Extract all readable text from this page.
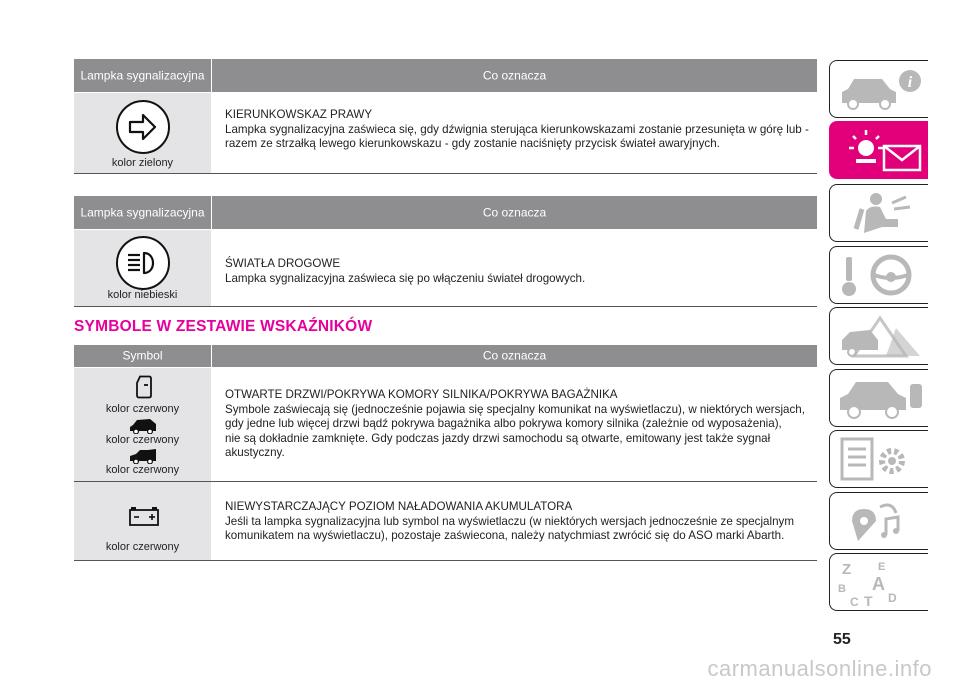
Lampka sygnalizacyjna	Co oznacza
kolor zielony
KIERUNKOWSKAZ PRAWY
Lampka sygnalizacyjna zaświeca się, gdy dźwignia sterująca kierunkowskazami zostanie przesunięta w górę lub - razem ze strzałką lewego kierunkowskazu - gdy zostanie naciśnięty przycisk świateł awaryjnych.
Lampka sygnalizacyjna	Co oznacza
kolor niebieski
ŚWIATŁA DROGOWE
Lampka sygnalizacyjna zaświeca się po włączeniu świateł drogowych.
SYMBOLE W ZESTAWIE WSKAŹNIKÓW
Symbol	Co oznacza
kolor czerwony
kolor czerwony
kolor czerwony
OTWARTE DRZWI/POKRYWA KOMORY SILNIKA/POKRYWA BAGAŻNIKA
Symbole zaświecają się (jednocześnie pojawia się specjalny komunikat na wyświetlaczu), w niektórych wersjach,
gdy jedne lub więcej drzwi bądź pokrywa bagażnika albo pokrywa komory silnika (zależnie od wyposażenia),
nie są dokładnie zamknięte. Gdy podczas jazdy drzwi samochodu są otwarte, emitowany jest także sygnał
akustyczny.
kolor czerwony
NIEWYSTARCZAJĄCY POZIOM NAŁADOWANIA AKUMULATORA
Jeśli ta lampka sygnalizacyjna lub symbol na wyświetlaczu (w niektórych wersjach jednocześnie ze specjalnym
komunikatem na wyświetlaczu), pozostaje zaświecona, należy natychmiast zwrócić się do ASO marki Abarth.
i
Z E
B A
C T D
55
carmanualsonline.info
